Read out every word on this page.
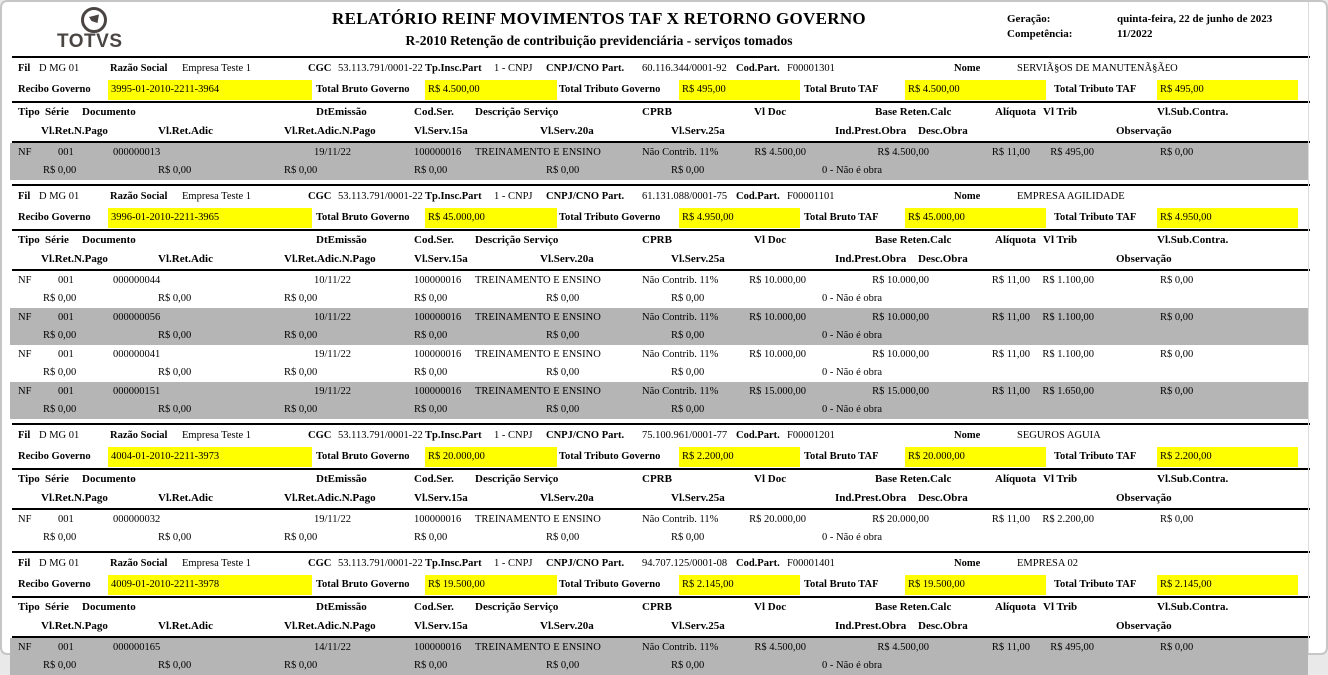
TOTVS
RELATÓRIO REINF MOVIMENTOS TAF X RETORNO GOVERNO
R-2010 Retenção de contribuição previdenciária - serviços tomados
Geração:	quinta-feira, 22 de junho de 2023
Competência:	11/2022
Fil D MG 01	Razão Social Empresa Teste 1	CGC 53.113.791/0001-22 Tp.Insc.Part 1 - CNPJ CNPJ/CNO Part. 60.116.344/0001-92 Cod.Part. F00001301	Nome	SERVIÃ§OS DE MANUTENÃ§Ã£O
Recibo Governo 3995-01-2010-2211-3964	Total Bruto Governo R$ 4.500,00	Total Tributo Governo R$ 495,00	Total Bruto TAF	R$ 4.500,00	Total Tributo TAF R$ 495,00
Tipo Série Documento	DtEmissão	Cod.Ser. Descrição Serviço	CPRB	Vl Doc	Base Reten.Calc	Alíquota Vl Trib	Vl.Sub.Contra.
Vl.Ret.N.Pago	Vl.Ret.Adic	Vl.Ret.Adic.N.Pago	Vl.Serv.15a	Vl.Serv.20a	Vl.Serv.25a	Ind.Prest.Obra Desc.Obra	Observação
NF	001	000000013	19/11/22	100000016 TREINAMENTO E ENSINO	Não Contrib. 11%	R$ 4.500,00	R$ 4.500,00	R$ 11,00 R$ 495,00	R$ 0,00
R$ 0,00	R$ 0,00	R$ 0,00	R$ 0,00	R$ 0,00	R$ 0,00	0 - Não é obra
Fil D MG 01	Razão Social Empresa Teste 1	CGC 53.113.791/0001-22 Tp.Insc.Part 1 - CNPJ CNPJ/CNO Part. 61.131.088/0001-75 Cod.Part. F00001101	Nome	EMPRESA AGILIDADE
Recibo Governo 3996-01-2010-2211-3965	Total Bruto Governo R$ 45.000,00	Total Tributo Governo R$ 4.950,00	Total Bruto TAF	R$ 45.000,00	Total Tributo TAF R$ 4.950,00
Tipo Série Documento	DtEmissão	Cod.Ser. Descrição Serviço	CPRB	Vl Doc	Base Reten.Calc	Alíquota Vl Trib	Vl.Sub.Contra.
Vl.Ret.N.Pago	Vl.Ret.Adic	Vl.Ret.Adic.N.Pago	Vl.Serv.15a	Vl.Serv.20a	Vl.Serv.25a	Ind.Prest.Obra Desc.Obra	Observação
NF	001	000000044	10/11/22	100000016 TREINAMENTO E ENSINO	Não Contrib. 11%	R$ 10.000,00	R$ 10.000,00	R$ 11,00 R$ 1.100,00	R$ 0,00
R$ 0,00	R$ 0,00	R$ 0,00	R$ 0,00	R$ 0,00	R$ 0,00	0 - Não é obra
NF	001	000000056	10/11/22	100000016 TREINAMENTO E ENSINO	Não Contrib. 11%	R$ 10.000,00	R$ 10.000,00	R$ 11,00 R$ 1.100,00	R$ 0,00
R$ 0,00	R$ 0,00	R$ 0,00	R$ 0,00	R$ 0,00	R$ 0,00	0 - Não é obra
NF	001	000000041	19/11/22	100000016 TREINAMENTO E ENSINO	Não Contrib. 11%	R$ 10.000,00	R$ 10.000,00	R$ 11,00 R$ 1.100,00	R$ 0,00
R$ 0,00	R$ 0,00	R$ 0,00	R$ 0,00	R$ 0,00	R$ 0,00	0 - Não é obra
NF	001	000000151	19/11/22	100000016 TREINAMENTO E ENSINO	Não Contrib. 11%	R$ 15.000,00	R$ 15.000,00	R$ 11,00 R$ 1.650,00	R$ 0,00
R$ 0,00	R$ 0,00	R$ 0,00	R$ 0,00	R$ 0,00	R$ 0,00	0 - Não é obra
Fil D MG 01	Razão Social Empresa Teste 1	CGC 53.113.791/0001-22 Tp.Insc.Part 1 - CNPJ CNPJ/CNO Part. 75.100.961/0001-77 Cod.Part. F00001201	Nome	SEGUROS AGUIA
Recibo Governo 4004-01-2010-2211-3973	Total Bruto Governo R$ 20.000,00	Total Tributo Governo R$ 2.200,00	Total Bruto TAF	R$ 20.000,00	Total Tributo TAF R$ 2.200,00
Tipo Série Documento	DtEmissão	Cod.Ser. Descrição Serviço	CPRB	Vl Doc	Base Reten.Calc	Alíquota Vl Trib	Vl.Sub.Contra.
Vl.Ret.N.Pago	Vl.Ret.Adic	Vl.Ret.Adic.N.Pago	Vl.Serv.15a	Vl.Serv.20a	Vl.Serv.25a	Ind.Prest.Obra Desc.Obra	Observação
NF	001	000000032	19/11/22	100000016 TREINAMENTO E ENSINO	Não Contrib. 11%	R$ 20.000,00	R$ 20.000,00	R$ 11,00 R$ 2.200,00	R$ 0,00
R$ 0,00	R$ 0,00	R$ 0,00	R$ 0,00	R$ 0,00	R$ 0,00	0 - Não é obra
Fil D MG 01	Razão Social Empresa Teste 1	CGC 53.113.791/0001-22 Tp.Insc.Part 1 - CNPJ CNPJ/CNO Part. 94.707.125/0001-08 Cod.Part. F00001401	Nome	EMPRESA 02
Recibo Governo 4009-01-2010-2211-3978	Total Bruto Governo R$ 19.500,00	Total Tributo Governo R$ 2.145,00	Total Bruto TAF	R$ 19.500,00	Total Tributo TAF R$ 2.145,00
Tipo Série Documento	DtEmissão	Cod.Ser. Descrição Serviço	CPRB	Vl Doc	Base Reten.Calc	Alíquota Vl Trib	Vl.Sub.Contra.
Vl.Ret.N.Pago	Vl.Ret.Adic	Vl.Ret.Adic.N.Pago	Vl.Serv.15a	Vl.Serv.20a	Vl.Serv.25a	Ind.Prest.Obra Desc.Obra	Observação
NF	001	000000165	14/11/22	100000016 TREINAMENTO E ENSINO	Não Contrib. 11%	R$ 4.500,00	R$ 4.500,00	R$ 11,00 R$ 495,00	R$ 0,00
R$ 0,00	R$ 0,00	R$ 0,00	R$ 0,00	R$ 0,00	R$ 0,00	0 - Não é obra
